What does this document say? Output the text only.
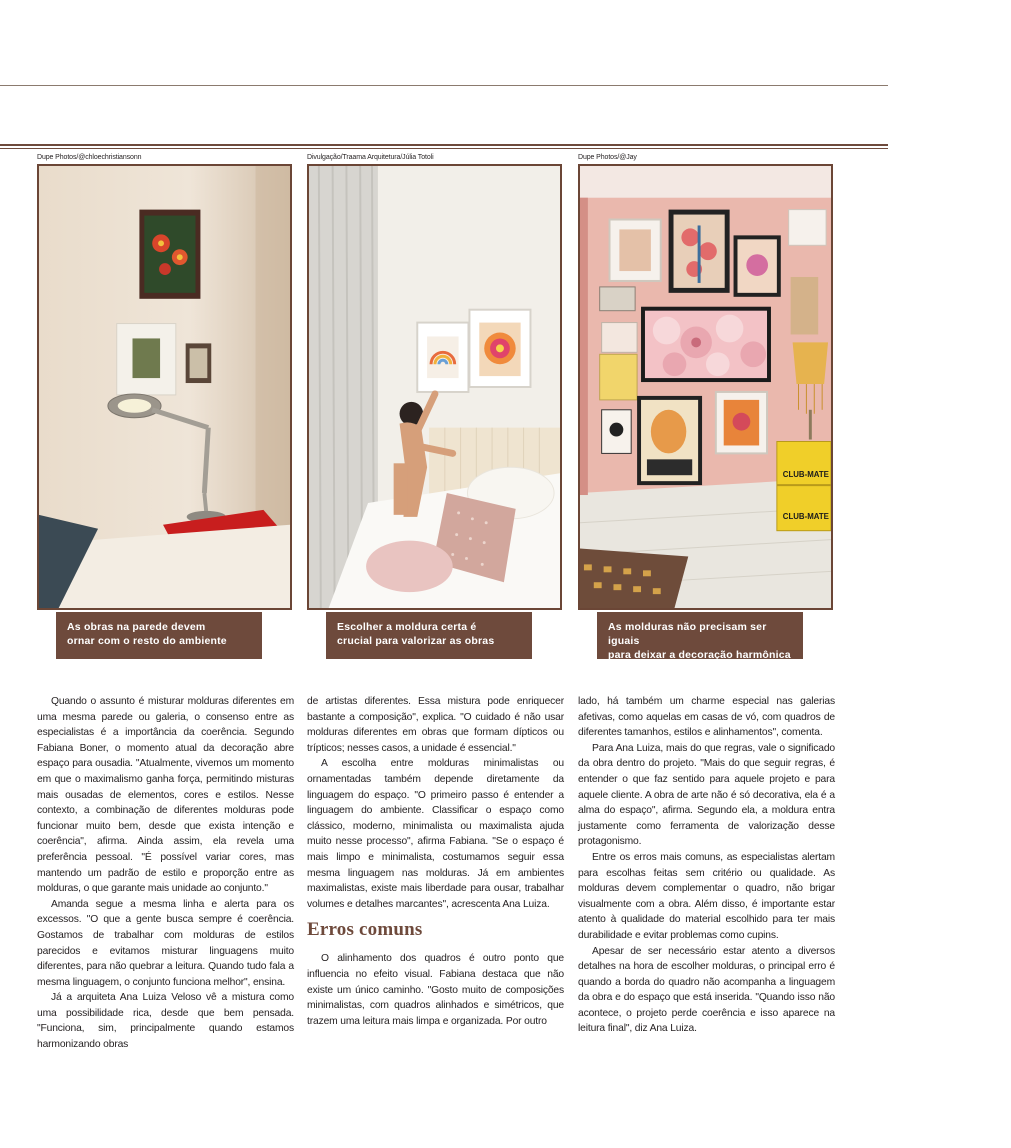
Dupe Photos/@chloechristiansonn	Divulgação/Traama Arquitetura/Júlia Totoli	Dupe Photos/@Jay
As obras na parede devem
ornar com o resto do ambiente
Escolher a moldura certa é
crucial para valorizar as obras
CLUB-MATE
CLUB-MATE
As molduras não precisam ser iguais
para deixar a decoração harmônica

Quando o assunto é misturar molduras diferentes em uma mesma parede ou galeria, o consenso entre as especialistas é a importância da coerência. Segundo Fabiana Boner, o momento atual da decoração abre espaço para ousadia. "Atualmente, vivemos um momento em que o maximalismo ganha força, permitindo misturas mais ousadas de elementos, cores e estilos. Nesse contexto, a combinação de diferentes molduras pode funcionar muito bem, desde que exista intenção e coerência", afirma. Ainda assim, ela revela uma preferência pessoal. "É possível variar cores, mas mantendo um padrão de estilo e proporção entre as molduras, o que garante mais unidade ao conjunto."

Amanda segue a mesma linha e alerta para os excessos. "O que a gente busca sempre é coerência. Gostamos de trabalhar com molduras de estilos parecidos e evitamos misturar linguagens muito diferentes, para não quebrar a leitura. Quando tudo fala a mesma linguagem, o conjunto funciona melhor", ensina.

Já a arquiteta Ana Luiza Veloso vê a mistura como uma possibilidade rica, desde que bem pensada. "Funciona, sim, principalmente quando estamos harmonizando obras

de artistas diferentes. Essa mistura pode enriquecer bastante a composição", explica. "O cuidado é não usar molduras diferentes em obras que formam dípticos ou trípticos; nesses casos, a unidade é essencial."

A escolha entre molduras minimalistas ou ornamentadas também depende diretamente da linguagem do espaço. "O primeiro passo é entender a linguagem do ambiente. Classificar o espaço como clássico, moderno, minimalista ou maximalista ajuda muito nesse processo", afirma Fabiana. "Se o espaço é mais limpo e minimalista, costumamos seguir essa mesma linguagem nas molduras. Já em ambientes maximalistas, existe mais liberdade para ousar, trabalhar volumes e detalhes marcantes", acrescenta Ana Luiza.

Erros comuns

O alinhamento dos quadros é outro ponto que influencia no efeito visual. Fabiana destaca que não existe um único caminho. "Gosto muito de composições minimalistas, com quadros alinhados e simétricos, que trazem uma leitura mais limpa e organizada. Por outro

lado, há também um charme especial nas galerias afetivas, como aquelas em casas de vó, com quadros de diferentes tamanhos, estilos e alinhamentos", comenta.

Para Ana Luiza, mais do que regras, vale o significado da obra dentro do projeto. "Mais do que seguir regras, é entender o que faz sentido para aquele projeto e para aquele cliente. A obra de arte não é só decorativa, ela é a alma do espaço", afirma. Segundo ela, a moldura entra justamente como ferramenta de valorização desse protagonismo.

Entre os erros mais comuns, as especialistas alertam para escolhas feitas sem critério ou qualidade. As molduras devem complementar o quadro, não brigar visualmente com a obra. Além disso, é importante estar atento à qualidade do material escolhido para ter mais durabilidade e evitar problemas como cupins.

Apesar de ser necessário estar atento a diversos detalhes na hora de escolher molduras, o principal erro é quando a borda do quadro não acompanha a linguagem da obra e do espaço que está inserida. "Quando isso não acontece, o projeto perde coerência e isso aparece na leitura final", diz Ana Luiza.
